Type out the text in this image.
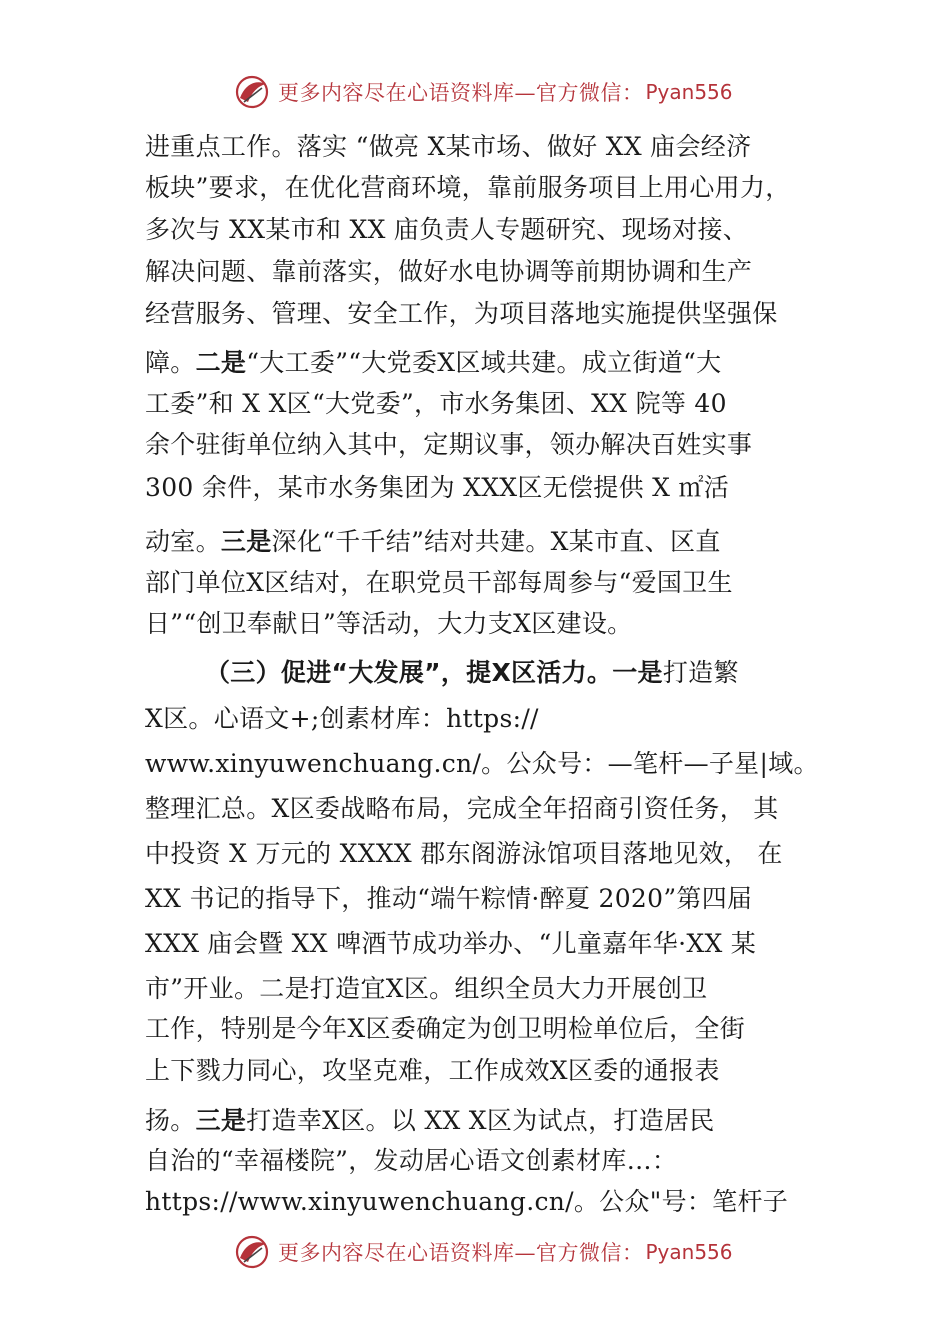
更多内容尽在心语资料库—官方微信： Pyan556
进重点工作。落实 “做亮 X某市场、做好 XX 庙会经济
板块”要求，在优化营商环境，靠前服务项目上用心用力，
多次与 XX某市和 XX 庙负责人专题研究、现场对接、
解决问题、靠前落实，做好水电协调等前期协调和生产
经营服务、管理、安全工作，为项目落地实施提供坚强保
障。二是“大工委”“大党委X区域共建。成立街道“大
工委”和 X X区“大党委”，市水务集团、XX 院等 40
余个驻街单位纳入其中，定期议事，领办解决百姓实事
300 余件，某市水务集团为 XXX区无偿提供 X ㎡活
动室。三是深化“千千结”结对共建。X某市直、区直
部门单位X区结对，在职党员干部每周参与“爱国卫生
日”“创卫奉献日”等活动，大力支X区建设。
（三）促进“大发展”，提X区活力。一是打造繁
X区。心语文+;创素材库：https://
www.xinyuwenchuang.cn/。公众号：—笔杆—子星|域。
整理汇总。X区委战略布局，完成全年招商引资任务， 其
中投资 X 万元的 XXXX 郡东阁游泳馆项目落地见效， 在
XX 书记的指导下，推动“端午粽情·醉夏 2020”第四届
XXX 庙会暨 XX 啤酒节成功举办、“儿童嘉年华·XX 某
市”开业。二是打造宜X区。组织全员大力开展创卫
工作，特别是今年X区委确定为创卫明检单位后，全街
上下戮力同心，攻坚克难，工作成效X区委的通报表
扬。三是打造幸X区。以 XX X区为试点，打造居民
自治的“幸福楼院”，发动居心语文创素材库…：
https://www.xinyuwenchuang.cn/。公众"号：笔杆子
更多内容尽在心语资料库—官方微信： Pyan556
